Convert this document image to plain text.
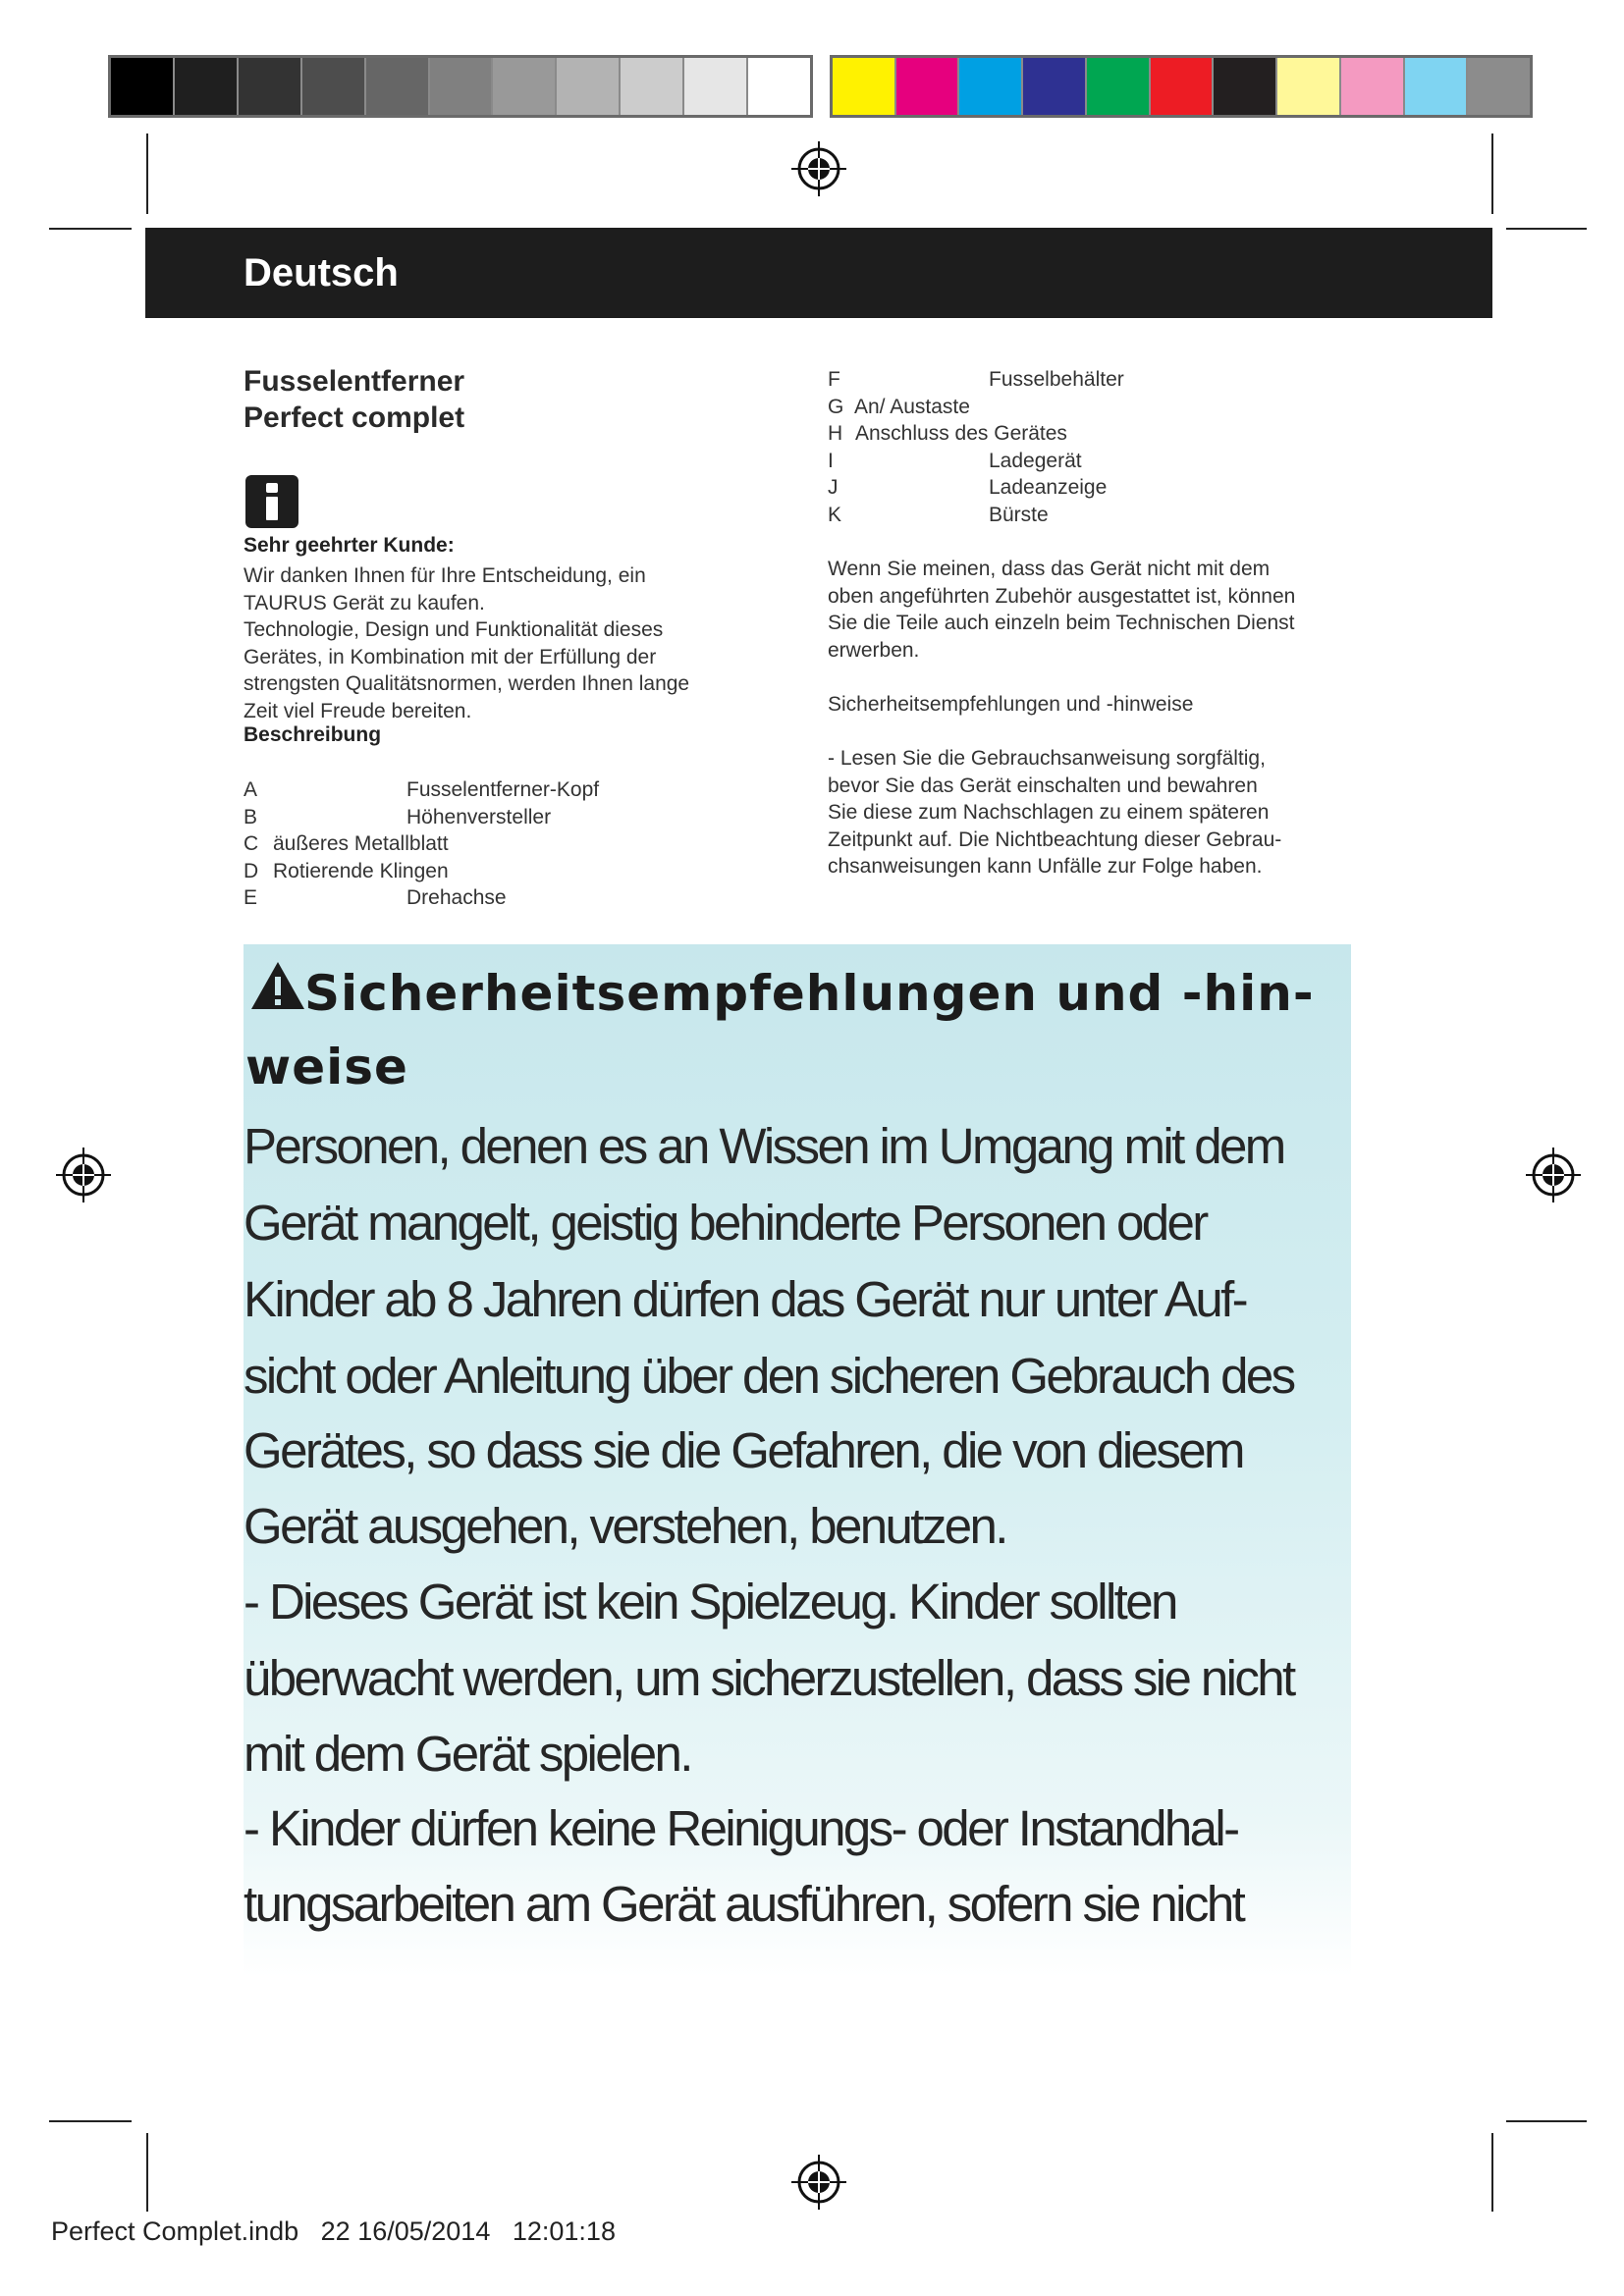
Deutsch
Fusselentferner
Perfect complet
Sehr geehrter Kunde:
Wir danken Ihnen für Ihre Entscheidung, ein
TAURUS Gerät zu kaufen.
Technologie, Design und Funktionalität dieses
Gerätes, in Kombination mit der Erfüllung der
strengsten Qualitätsnormen, werden Ihnen lange
Zeit viel Freude bereiten.
Beschreibung
A	Fusselentferner-Kopf
B	Höhenversteller
C äußeres Metallblatt
D Rotierende Klingen
E	Drehachse
F	Fusselbehälter
G An/ Austaste
H Anschluss des Gerätes
I	Ladegerät
J	Ladeanzeige
K	Bürste
Wenn Sie meinen, dass das Gerät nicht mit dem
oben angeführten Zubehör ausgestattet ist, können
Sie die Teile auch einzeln beim Technischen Dienst
erwerben.
Sicherheitsempfehlungen und -hinweise
- Lesen Sie die Gebrauchsanweisung sorgfältig,
bevor Sie das Gerät einschalten und bewahren
Sie diese zum Nachschlagen zu einem späteren
Zeitpunkt auf. Die Nichtbeachtung dieser Gebrau-
chsanweisungen kann Unfälle zur Folge haben.
Sicherheitsempfehlungen und -hin-
weise
Personen, denen es an Wissen im Umgang mit dem
Gerät mangelt, geistig behinderte Personen oder
Kinder ab 8 Jahren dürfen das Gerät nur unter Auf-
sicht oder Anleitung über den sicheren Gebrauch des
Gerätes, so dass sie die Gefahren, die von diesem
Gerät ausgehen, verstehen, benutzen.
- Dieses Gerät ist kein Spielzeug. Kinder sollten
überwacht werden, um sicherzustellen, dass sie nicht
mit dem Gerät spielen.
- Kinder dürfen keine Reinigungs- oder Instandhal-
tungsarbeiten am Gerät ausführen, sofern sie nicht
Perfect Complet.indb 22 16/05/2014 12:01:18
